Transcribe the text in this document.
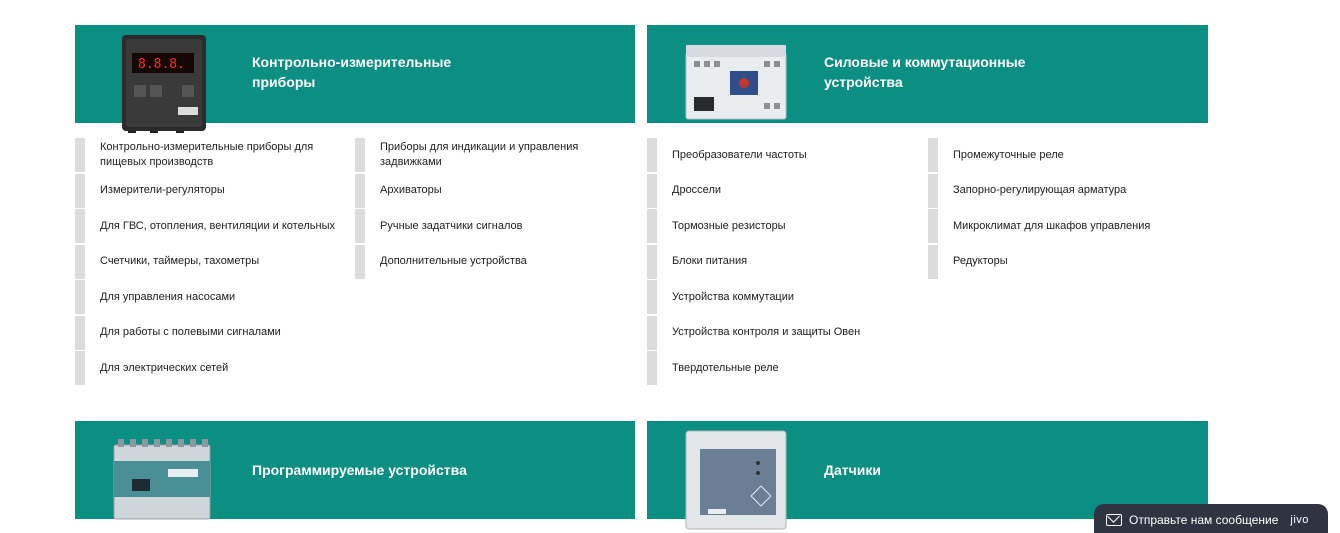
8.8.8.	Контрольно-измерительные приборы
Контрольно-измерительные приборы для пищевых производств
Измерители-регуляторы
Для ГВС, отопления, вентиляции и котельных
Счетчики, таймеры, тахометры
Для управления насосами
Для работы с полевыми сигналами
Для электрических сетей
Приборы для индикации и управления задвижками
Архиваторы
Ручные задатчики сигналов
Дополнительные устройства
Силовые и коммутационные устройства
Преобразователи частоты
Дроссели
Тормозные резисторы
Блоки питания
Устройства коммутации
Устройства контроля и защиты Овен
Твердотельные реле
Промежуточные реле
Запорно-регулирующая арматура
Микроклимат для шкафов управления
Редукторы
Программируемые устройства	Датчики
Отправьте нам сообщение jivo
